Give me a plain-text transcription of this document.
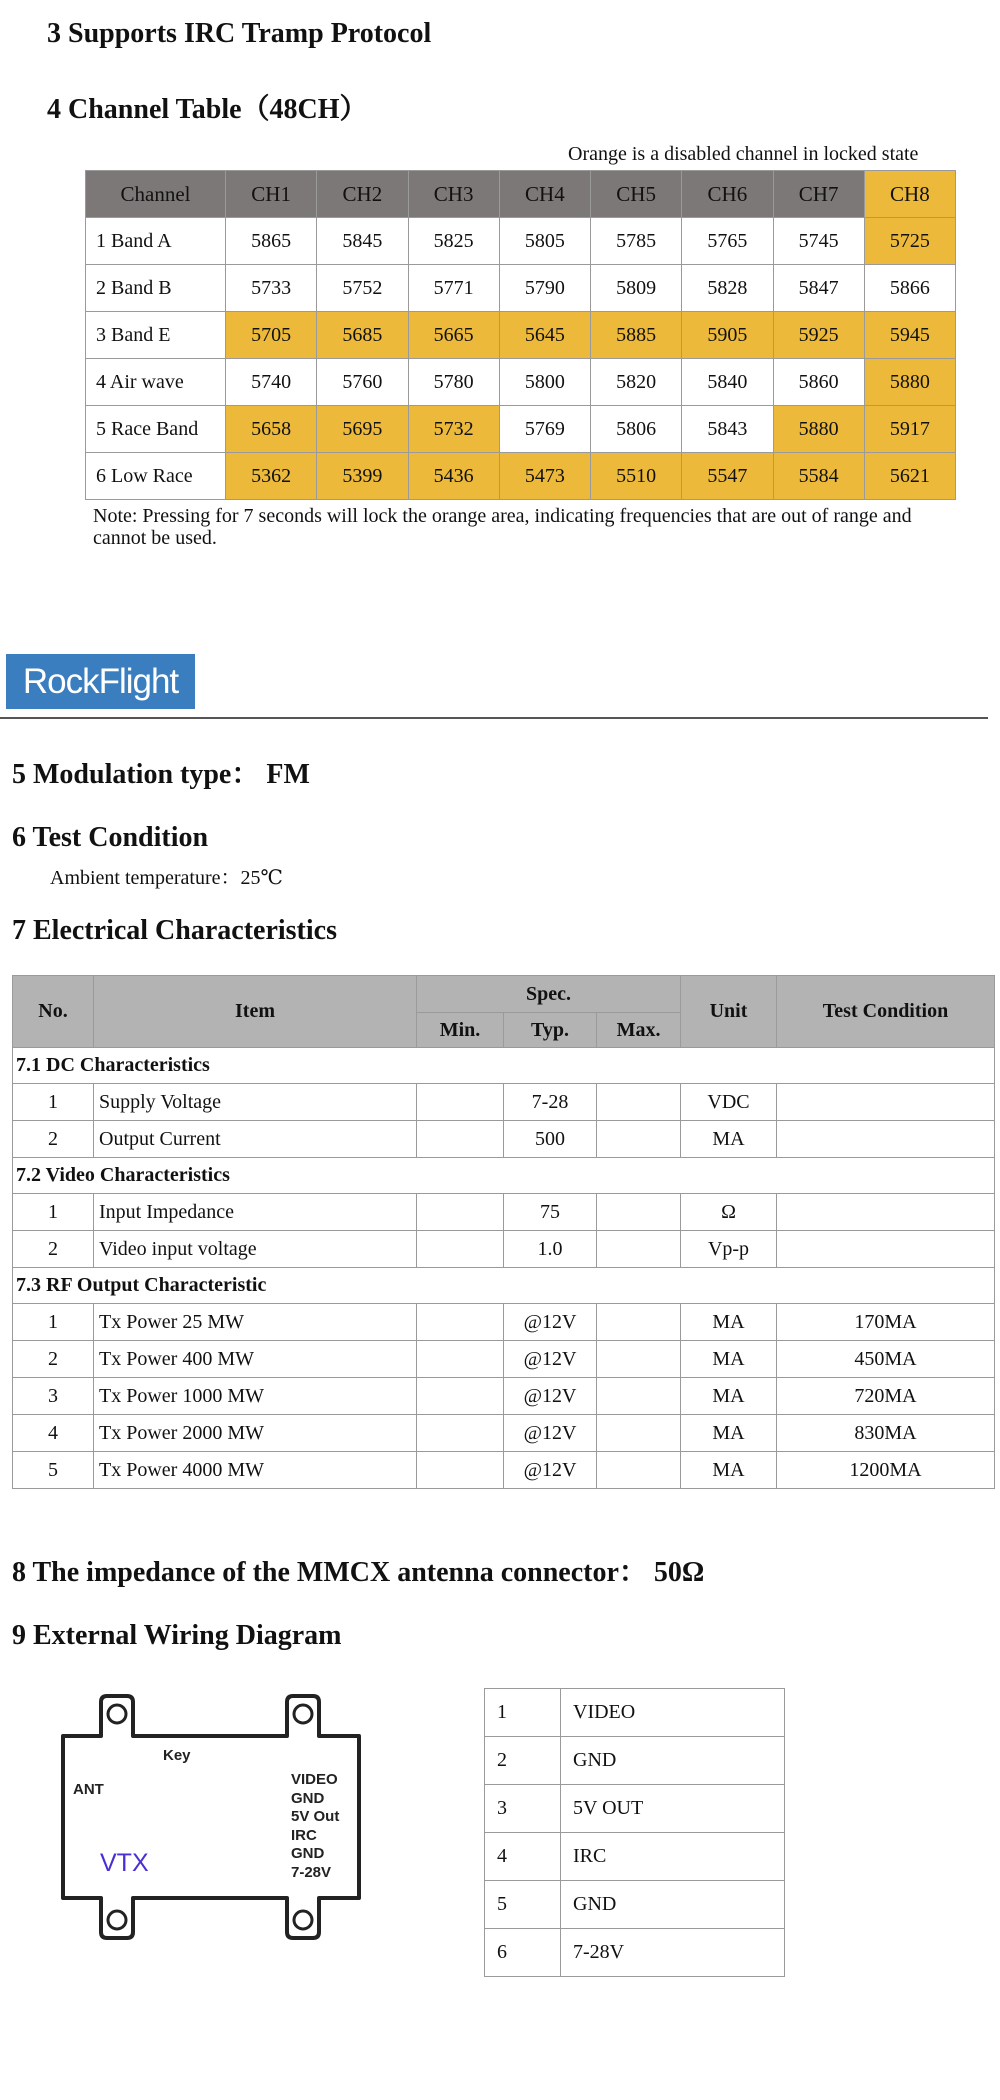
3 Supports IRC Tramp Protocol
4 Channel Table（48CH）
Orange is a disabled channel in locked state
Channel	CH1	CH2	CH3	CH4	CH5	CH6	CH7	CH8
1 Band A	5865	5845	5825	5805	5785	5765	5745	5725
2 Band B	5733	5752	5771	5790	5809	5828	5847	5866
3 Band E	5705	5685	5665	5645	5885	5905	5925	5945
4 Air wave	5740	5760	5780	5800	5820	5840	5860	5880
5 Race Band	5658	5695	5732	5769	5806	5843	5880	5917
6 Low Race	5362	5399	5436	5473	5510	5547	5584	5621
Note: Pressing for 7 seconds will lock the orange area, indicating frequencies that are out of range and cannot be used.
RockFlight
5 Modulation type： FM
6 Test Condition
Ambient temperature：25℃
7 Electrical Characteristics
No.	Item	Spec.			Unit	Test Condition
		Min.	Typ.	Max.		
7.1 DC Characteristics						
1	Supply Voltage		7-28		VDC	
2	Output Current		500		MA	
7.2 Video Characteristics						
1	Input Impedance		75		Ω	
2	Video input voltage		1.0		Vp-p	
7.3 RF Output Characteristic						
1	Tx Power 25 MW		@12V		MA	170MA
2	Tx Power 400 MW		@12V		MA	450MA
3	Tx Power 1000 MW		@12V		MA	720MA
4	Tx Power 2000 MW		@12V		MA	830MA
5	Tx Power 4000 MW		@12V		MA	1200MA
8 The impedance of the MMCX antenna connector： 50Ω
9 External Wiring Diagram
Key
ANT
VTX
VIDEO
GND
5V Out
IRC
GND
7-28V
1	VIDEO
2	GND
3	5V OUT
4	IRC
5	GND
6	7-28V
